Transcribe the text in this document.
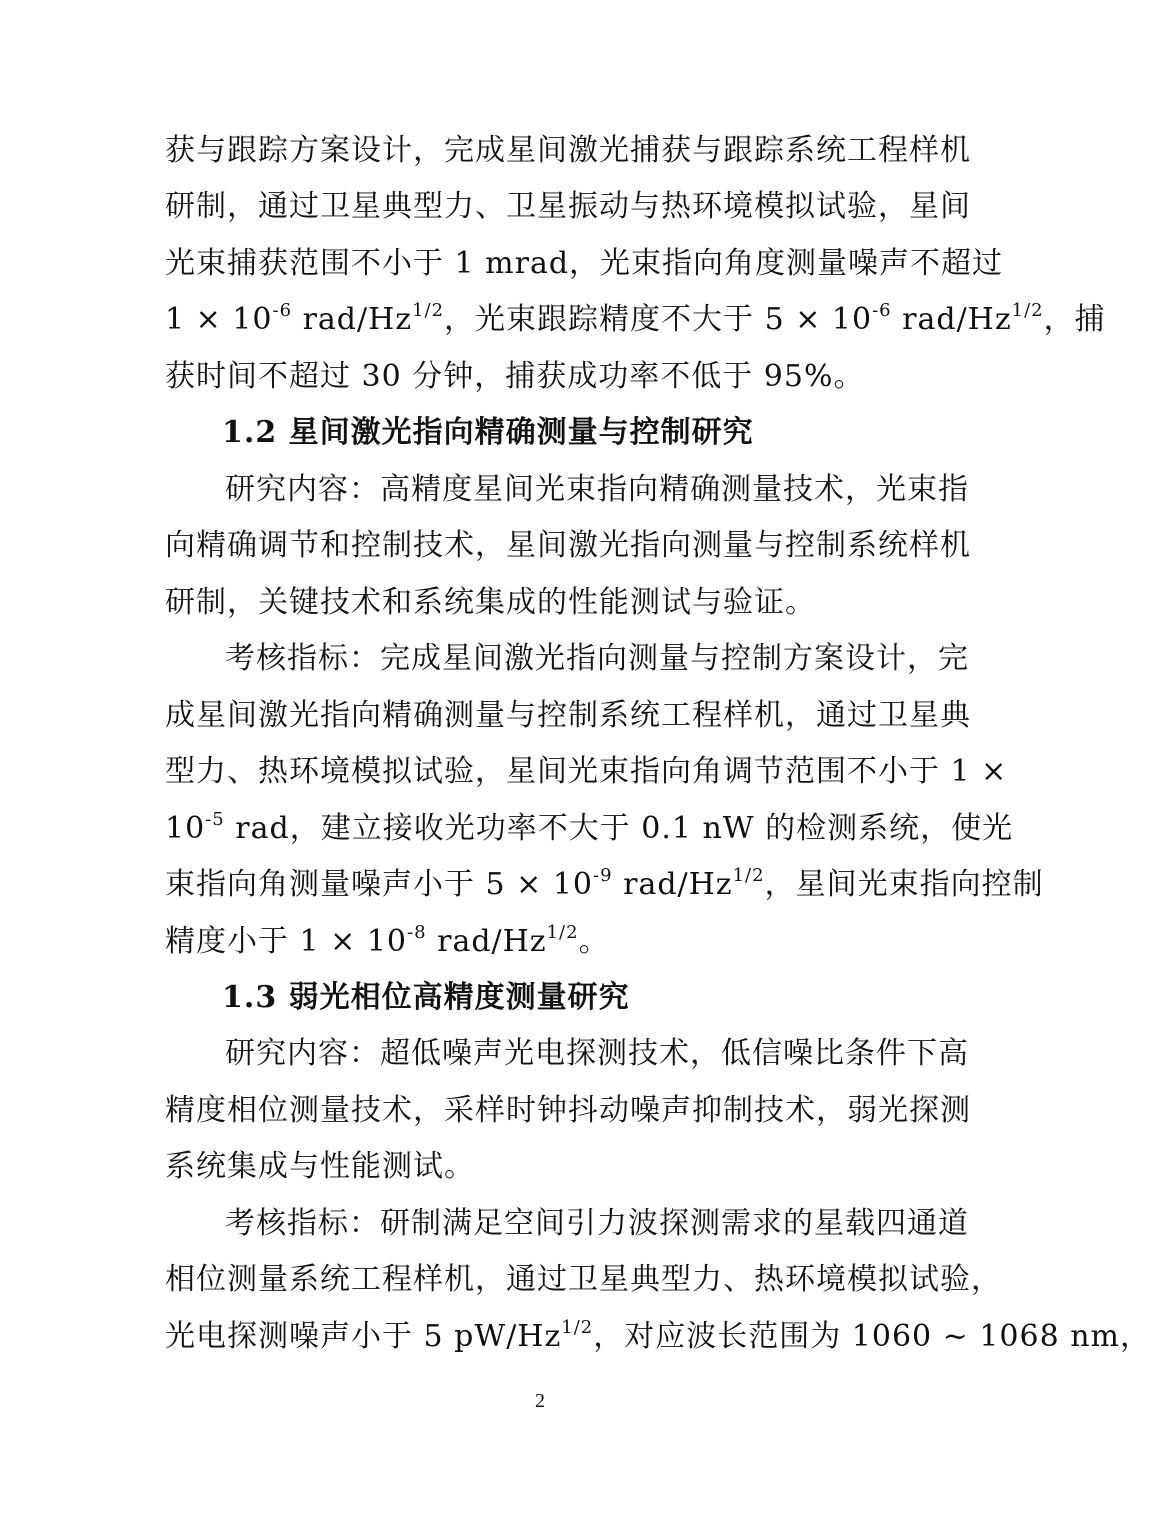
获与跟踪方案设计，完成星间激光捕获与跟踪系统工程样机
研制，通过卫星典型力、卫星振动与热环境模拟试验，星间
光束捕获范围不小于 1 mrad，光束指向角度测量噪声不超过
$1 \times 10^{-6}$ rad/$Hz^{1/2}$，光束跟踪精度不大于 $5 \times 10^{-6}$ rad/$Hz^{1/2}$，捕
获时间不超过 30 分钟，捕获成功率不低于 95%。
1.2 星间激光指向精确测量与控制研究
研究内容：高精度星间光束指向精确测量技术，光束指
向精确调节和控制技术，星间激光指向测量与控制系统样机
研制，关键技术和系统集成的性能测试与验证。
考核指标：完成星间激光指向测量与控制方案设计，完
成星间激光指向精确测量与控制系统工程样机，通过卫星典
型力、热环境模拟试验，星间光束指向角调节范围不小于 1 ×
$10^{-5}$ rad，建立接收光功率不大于 0.1 nW 的检测系统，使光
束指向角测量噪声小于 $5 \times 10^{-9}$ rad/$Hz^{1/2}$，星间光束指向控制
精度小于 $1 \times 10^{-8}$ rad/$Hz^{1/2}$。
1.3 弱光相位高精度测量研究
研究内容：超低噪声光电探测技术，低信噪比条件下高
精度相位测量技术，采样时钟抖动噪声抑制技术，弱光探测
系统集成与性能测试。
考核指标：研制满足空间引力波探测需求的星载四通道
相位测量系统工程样机，通过卫星典型力、热环境模拟试验，
光电探测噪声小于 5 $pW/Hz^{1/2}$，对应波长范围为 1060 ~ 1068 nm，
2
